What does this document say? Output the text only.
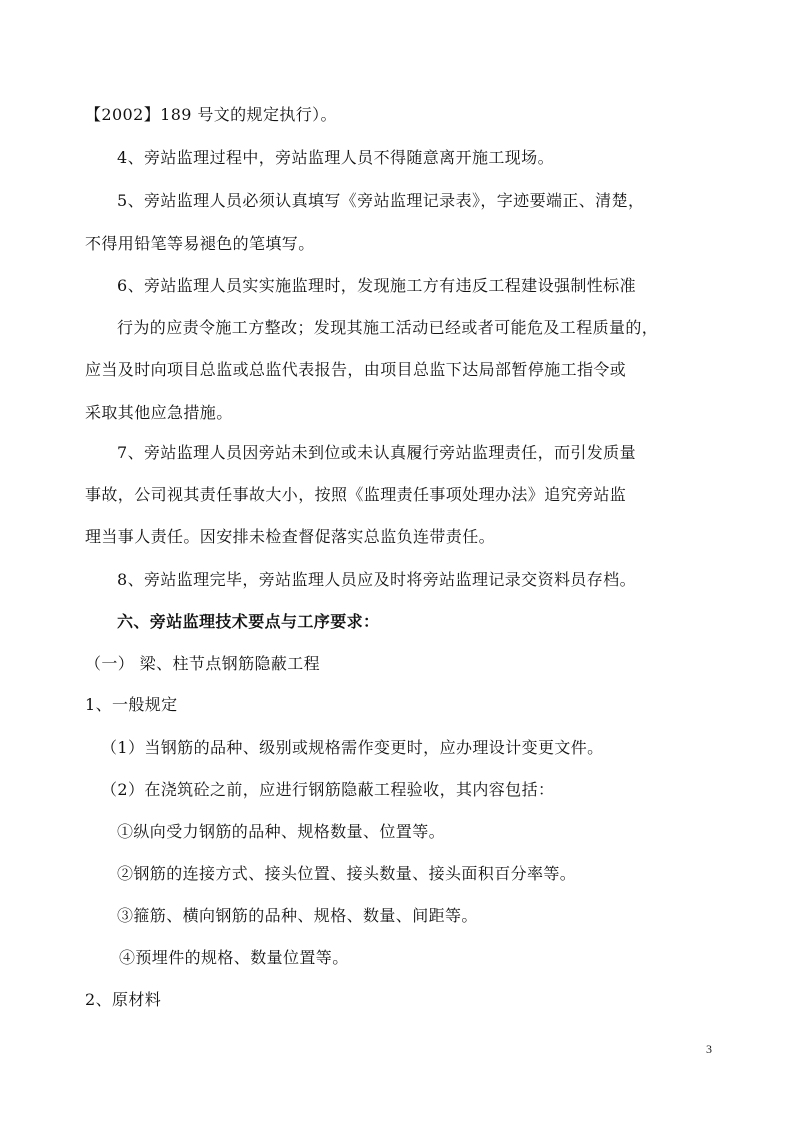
【2002】189 号文的规定执行）。
4、旁站监理过程中，旁站监理人员不得随意离开施工现场。
5、旁站监理人员必须认真填写《旁站监理记录表》，字迹要端正、清楚，
不得用铅笔等易褪色的笔填写。
6、旁站监理人员实实施监理时，发现施工方有违反工程建设强制性标准
行为的应责令施工方整改；发现其施工活动已经或者可能危及工程质量的，
应当及时向项目总监或总监代表报告，由项目总监下达局部暂停施工指令或
采取其他应急措施。
7、旁站监理人员因旁站未到位或未认真履行旁站监理责任，而引发质量
事故，公司视其责任事故大小，按照《监理责任事项处理办法》追究旁站监
理当事人责任。因安排未检查督促落实总监负连带责任。
8、旁站监理完毕，旁站监理人员应及时将旁站监理记录交资料员存档。
六、旁站监理技术要点与工序要求：
（一） 梁、柱节点钢筋隐蔽工程
1、一般规定
（1）当钢筋的品种、级别或规格需作变更时，应办理设计变更文件。
（2）在浇筑砼之前，应进行钢筋隐蔽工程验收，其内容包括：
①纵向受力钢筋的品种、规格数量、位置等。
②钢筋的连接方式、接头位置、接头数量、接头面积百分率等。
③箍筋、横向钢筋的品种、规格、数量、间距等。
④预埋件的规格、数量位置等。
2、原材料
3
